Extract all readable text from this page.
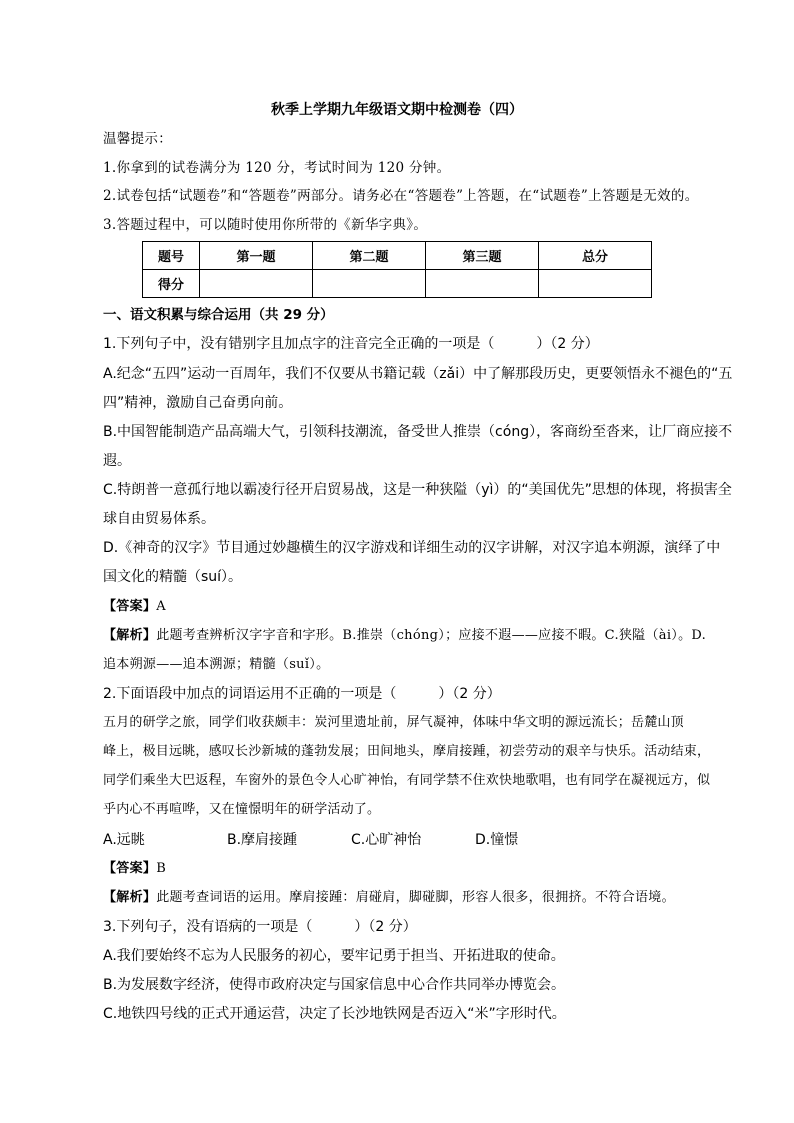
秋季上学期九年级语文期中检测卷（四）
温馨提示：
1.你拿到的试卷满分为 120 分，考试时间为 120 分钟。
2.试卷包括“试题卷”和“答题卷”两部分。请务必在“答题卷”上答题，在“试题卷”上答题是无效的。
3.答题过程中，可以随时使用你所带的《新华字典》。
题号	第一题	第二题	第三题	总分
得分				
一、语文积累与综合运用（共 29 分）
1.下列句子中，没有错别字且加点字的注音完全正确的一项是（　　　）（2 分）
A.纪念“五四”运动一百周年，我们不仅要从书籍记载（zǎi）中了解那段历史，更要领悟永不褪色的“五
四”精神，激励自己奋勇向前。
B.中国智能制造产品高端大气，引领科技潮流，备受世人推崇（cóng），客商纷至沓来，让厂商应接不
遐。
C.特朗普一意孤行地以霸凌行径开启贸易战，这是一种狭隘（yì）的“美国优先”思想的体现，将损害全
球自由贸易体系。
D.《神奇的汉字》节目通过妙趣横生的汉字游戏和详细生动的汉字讲解，对汉字追本朔源，演绎了中
国文化的精髓（suí）。
【答案】A
【解析】此题考查辨析汉字字音和字形。B.推崇（chóng）；应接不遐——应接不暇。C.狭隘（ài）。D.
追本朔源——追本溯源；精髓（suǐ）。
2.下面语段中加点的词语运用不正确的一项是（　　　）（2 分）
五月的研学之旅，同学们收获颇丰：炭河里遗址前，屏气凝神，体味中华文明的源远流长；岳麓山顶
峰上，极目远眺，感叹长沙新城的蓬勃发展；田间地头，摩肩接踵，初尝劳动的艰辛与快乐。活动结束，
同学们乘坐大巴返程，车窗外的景色令人心旷神怡，有同学禁不住欢快地歌唱，也有同学在凝视远方，似
乎内心不再喧哗，又在憧憬明年的研学活动了。
A.远眺	B.摩肩接踵	C.心旷神怡	D.憧憬
【答案】B
【解析】此题考查词语的运用。摩肩接踵：肩碰肩，脚碰脚，形容人很多，很拥挤。不符合语境。
3.下列句子，没有语病的一项是（　　　）（2 分）
A.我们要始终不忘为人民服务的初心，要牢记勇于担当、开拓进取的使命。
B.为发展数字经济，使得市政府决定与国家信息中心合作共同举办博览会。
C.地铁四号线的正式开通运营，决定了长沙地铁网是否迈入“米”字形时代。
